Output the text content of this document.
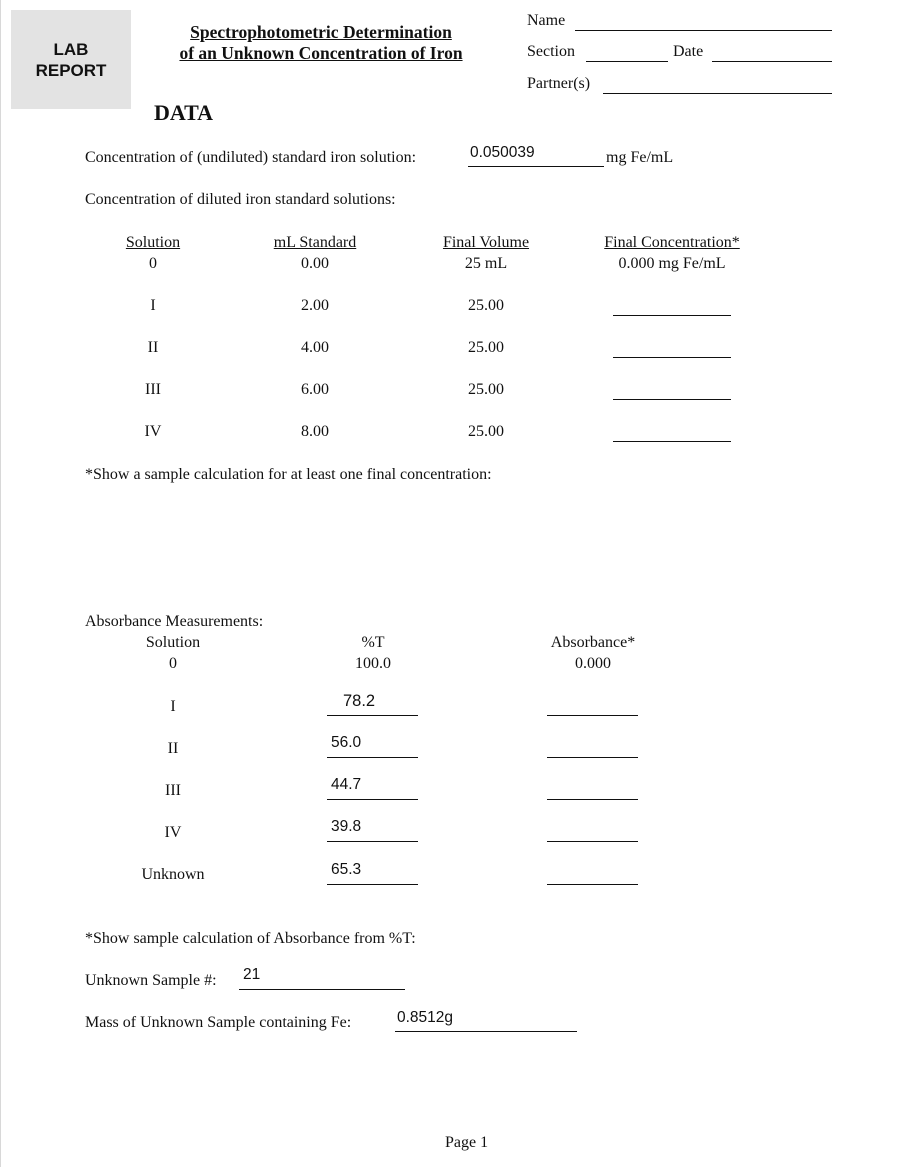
LAB
REPORT
Spectrophotometric Determination
of an Unknown Concentration of Iron
Name
Section	Date
Partner(s)
DATA
Concentration of (undiluted) standard iron solution:	0.050039	mg Fe/mL
Concentration of diluted iron standard solutions:
Solution	mL Standard	Final Volume	Final Concentration*
0	0.00	25 mL	0.000 mg Fe/mL
I	2.00	25.00
II	4.00	25.00
III	6.00	25.00
IV	8.00	25.00
*Show a sample calculation for at least one final concentration:
Absorbance Measurements:
Solution	%T	Absorbance*
0	100.0	0.000
I	78.2
II	56.0
III	44.7
IV	39.8
Unknown	65.3
*Show sample calculation of Absorbance from %T:
Unknown Sample #: 21
Mass of Unknown Sample containing Fe:	0.8512g
Page 1
